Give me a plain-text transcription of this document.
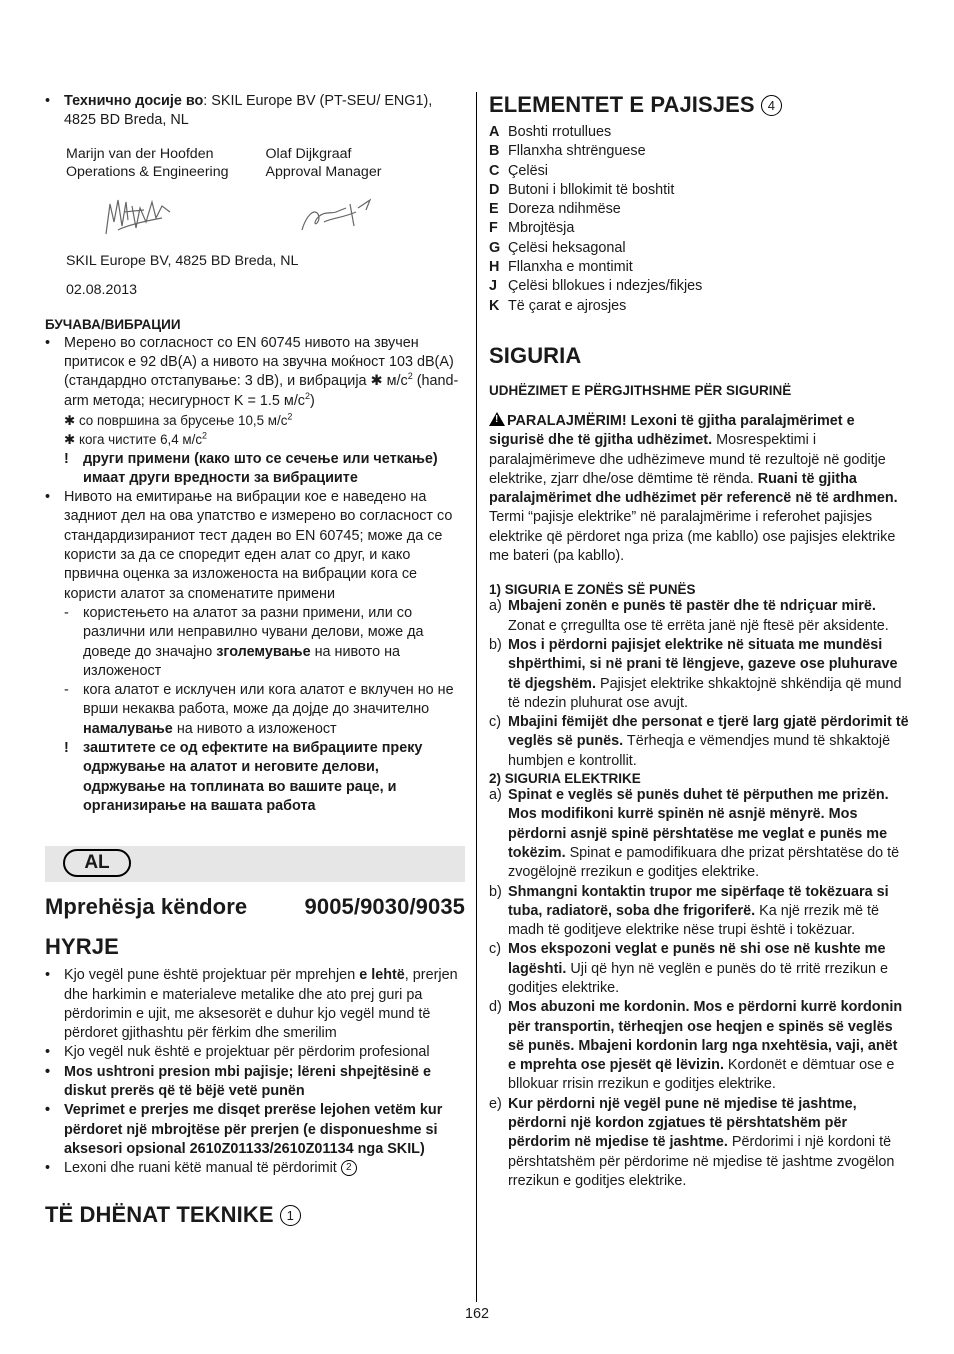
• Технично досије во: SKIL Europe BV (PT-SEU/ ENG1), 4825 BD Breda, NL
Marijn van der Hoofden
Operations & Engineering
Olaf Dijkgraaf
Approval Manager
SKIL Europe BV, 4825 BD Breda, NL
02.08.2013
БУЧАВА/ВИБРАЦИИ
• Мерено во согласност со EN 60745 нивото на звучен притисок е 92 dB(A) а нивото на звучна моќност 103 dB(A) (стандардно отстапување: 3 dB), и вибрација ✱ $м/с^2$ (hand-arm метода; несигурност K = 1.5 $м/с^2$)
✱ со површина за брусење 10,5 $м/с^2$
✱ кога чистите 6,4 $м/с^2$
! други примени (како што се сечење или четкање) имаат други вредности за вибрациите
• Нивото на емитирање на вибрации кое е наведено на задниот дел на ова упатство е измерено во согласност со стандардизираниот тест даден во EN 60745; може да се користи за да се споредит еден алат со друг, и како првична оценка за изложеноста на вибрации кога се користи алатот за споменатите примени
- користењето на алатот за разни примени, или со различни или неправилно чувани делови, може да доведе до значајно зголемување на нивото на изложеност
- кога алатот е исклучен или кога алатот е вклучен но не врши некаква работа, може да дојде до значително намалување на нивото а изложеност
! заштитете се од ефектите на вибрациите преку одржување на алатот и неговите делови, одржување на топлината во вашите раце, и организирање на вашата работа
AL
Mprehësja këndore	9005/9030/9035
HYRJE
• Kjo vegël pune është projektuar për mprehjen e lehtë, prerjen dhe harkimin e materialeve metalike dhe ato prej guri pa përdorimin e ujit, me aksesorët e duhur kjo vegël mund të përdoret gjithashtu për fërkim dhe smerilim
• Kjo vegël nuk është e projektuar për përdorim profesional
• Mos ushtroni presion mbi pajisje; lëreni shpejtësinë e diskut prerës që të bëjë vetë punën
• Veprimet e prerjes me disqet prerëse lejohen vetëm kur përdoret një mbrojtëse për prerjen (e disponueshme si aksesori opsional 2610Z01133/2610Z01134 nga SKIL)
• Lexoni dhe ruani këtë manual të përdorimit 2
TË DHËNAT TEKNIKE 1
ELEMENTET E PAJISJES 4
A Boshti rrotullues
B Fllanxha shtrënguese
C Çelësi
D Butoni i bllokimit të boshtit
E Doreza ndihmëse
F Mbrojtësja
G Çelësi heksagonal
H Fllanxha e montimit
J Çelësi bllokues i ndezjes/fikjes
K Të çarat e ajrosjes
SIGURIA
UDHËZIMET E PËRGJITHSHME PËR SIGURINË
!PARALAJMËRIM! Lexoni të gjitha paralajmërimet e sigurisë dhe të gjitha udhëzimet. Mosrespektimi i paralajmërimeve dhe udhëzimeve mund të rezultojë në goditje elektrike, zjarr dhe/ose dëmtime të rënda. Ruani të gjitha paralajmërimet dhe udhëzimet për referencë në të ardhmen. Termi “pajisje elektrike” në paralajmërime i referohet pajisjes elektrike që përdoret nga priza (me kabllo) ose pajisjes elektrike me bateri (pa kabllo).
1) SIGURIA E ZONËS SË PUNËS
a) Mbajeni zonën e punës të pastër dhe të ndriçuar mirë. Zonat e çrregullta ose të errëta janë një ftesë për aksidente.
b) Mos i përdorni pajisjet elektrike në situata me mundësi shpërthimi, si në prani të lëngjeve, gazeve ose pluhurave të djegshëm. Pajisjet elektrike shkaktojnë shkëndija që mund të ndezin pluhurat ose avujt.
c) Mbajini fëmijët dhe personat e tjerë larg gjatë përdorimit të veglës së punës. Tërheqja e vëmendjes mund të shkaktojë humbjen e kontrollit.
2) SIGURIA ELEKTRIKE
a) Spinat e veglës së punës duhet të përputhen me prizën. Mos modifikoni kurrë spinën në asnjë mënyrë. Mos përdorni asnjë spinë përshtatëse me veglat e punës me tokëzim. Spinat e pamodifikuara dhe prizat përshtatëse do të zvogëlojnë rrezikun e goditjes elektrike.
b) Shmangni kontaktin trupor me sipërfaqe të tokëzuara si tuba, radiatorë, soba dhe frigoriferë. Ka një rrezik më të madh të goditjeve elektrike nëse trupi është i tokëzuar.
c) Mos ekspozoni veglat e punës në shi ose në kushte me lagështi. Uji që hyn në veglën e punës do të rritë rrezikun e goditjes elektrike.
d) Mos abuzoni me kordonin. Mos e përdorni kurrë kordonin për transportin, tërheqjen ose heqjen e spinës së veglës së punës. Mbajeni kordonin larg nga nxehtësia, vaji, anët e mprehta ose pjesët që lëvizin. Kordonët e dëmtuar ose e bllokuar rrisin rrezikun e goditjes elektrike.
e) Kur përdorni një vegël pune në mjedise të jashtme, përdorni një kordon zgjatues të përshtatshëm për përdorim në mjedise të jashtme. Përdorimi i një kordoni të përshtatshëm për përdorime në mjedise të jashtme zvogëlon rrezikun e goditjes elektrike.
162
